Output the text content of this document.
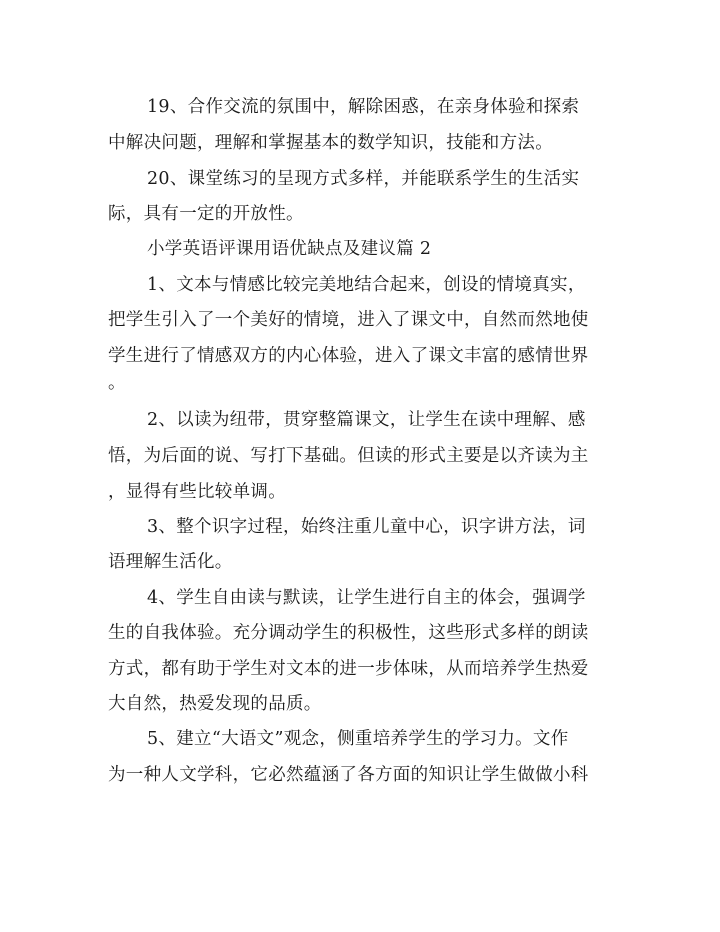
19、合作交流的氛围中，解除困惑，在亲身体验和探索
中解决问题，理解和掌握基本的数学知识，技能和方法。
20、课堂练习的呈现方式多样，并能联系学生的生活实
际，具有一定的开放性。
小学英语评课用语优缺点及建议篇 2
1、文本与情感比较完美地结合起来，创设的情境真实，
把学生引入了一个美好的情境，进入了课文中，自然而然地使
学生进行了情感双方的内心体验，进入了课文丰富的感情世界
。
2、以读为纽带，贯穿整篇课文，让学生在读中理解、感
悟，为后面的说、写打下基础。但读的形式主要是以齐读为主
，显得有些比较单调。
3、整个识字过程，始终注重儿童中心，识字讲方法，词
语理解生活化。
4、学生自由读与默读，让学生进行自主的体会，强调学
生的自我体验。充分调动学生的积极性，这些形式多样的朗读
方式，都有助于学生对文本的进一步体味，从而培养学生热爱
大自然，热爱发现的品质。
5、建立“大语文”观念，侧重培养学生的学习力。文作
为一种人文学科，它必然蕴涵了各方面的知识让学生做做小科
